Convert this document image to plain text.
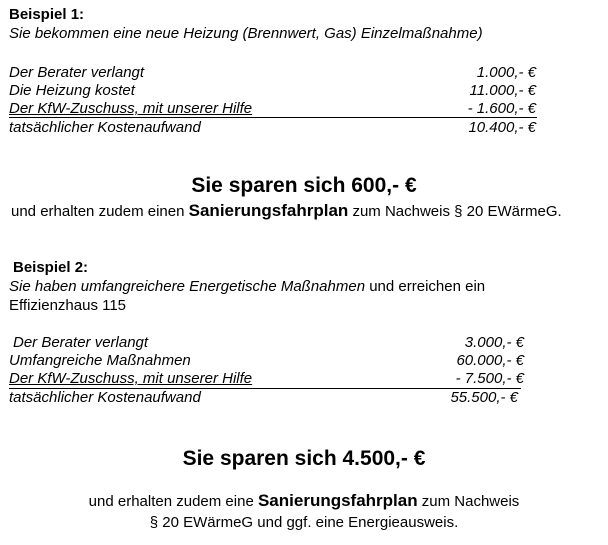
Beispiel 1:
Sie bekommen eine neue Heizung (Brennwert, Gas) Einzelmaßnahme)
Der Berater verlangt	1.000,- €
Die Heizung kostet	11.000,- €
Der KfW-Zuschuss, mit unserer Hilfe	- 1.600,- €
tatsächlicher Kostenaufwand	10.400,- €
Sie sparen sich 600,- €
und erhalten zudem einen Sanierungsfahrplan zum Nachweis § 20 EWärmeG.
Beispiel 2:
Sie haben umfangreichere Energetische Maßnahmen und erreichen ein
Effizienzhaus 115
Der Berater verlangt	3.000,- €
Umfangreiche Maßnahmen	60.000,- €
Der KfW-Zuschuss, mit unserer Hilfe	- 7.500,- €
tatsächlicher Kostenaufwand	55.500,- €
Sie sparen sich 4.500,- €
und erhalten zudem eine Sanierungsfahrplan zum Nachweis
§ 20 EWärmeG und ggf. eine Energieausweis.
